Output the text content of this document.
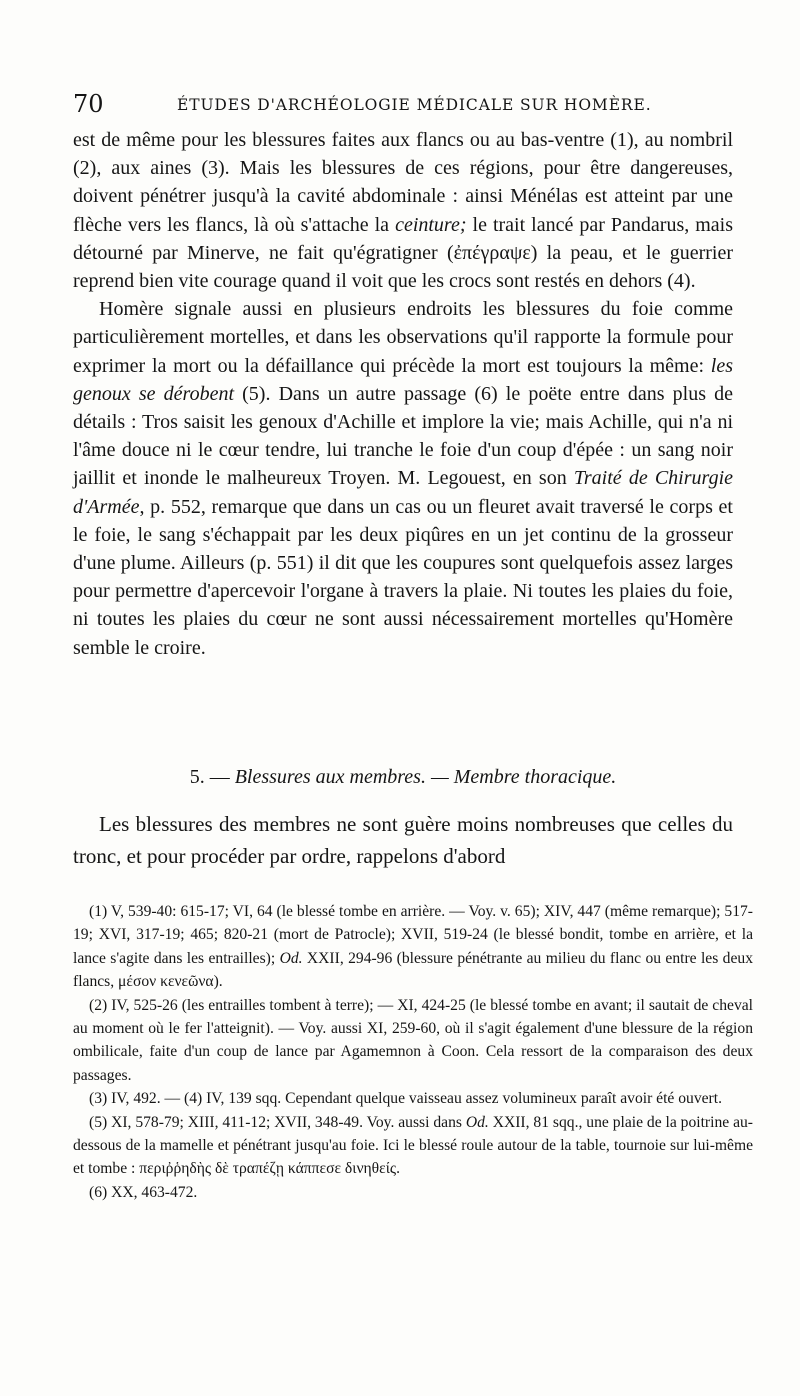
70	ÉTUDES D'ARCHÉOLOGIE MÉDICALE SUR HOMÈRE.

est de même pour les blessures faites aux flancs ou au bas-ventre (1), au nombril (2), aux aines (3). Mais les blessures de ces régions, pour être dangereuses, doivent pénétrer jusqu'à la cavité abdominale : ainsi Ménélas est atteint par une flèche vers les flancs, là où s'attache la ceinture; le trait lancé par Pandarus, mais détourné par Minerve, ne fait qu'égratigner (ἐπέγραψε) la peau, et le guerrier reprend bien vite courage quand il voit que les crocs sont restés en dehors (4).

Homère signale aussi en plusieurs endroits les blessures du foie comme particulièrement mortelles, et dans les observations qu'il rapporte la formule pour exprimer la mort ou la défaillance qui précède la mort est toujours la même: les genoux se dérobent (5). Dans un autre passage (6) le poëte entre dans plus de détails : Tros saisit les genoux d'Achille et implore la vie; mais Achille, qui n'a ni l'âme douce ni le cœur tendre, lui tranche le foie d'un coup d'épée : un sang noir jaillit et inonde le malheureux Troyen. M. Legouest, en son Traité de Chirurgie d'Armée, p. 552, remarque que dans un cas ou un fleuret avait traversé le corps et le foie, le sang s'échappait par les deux piqûres en un jet continu de la grosseur d'une plume. Ailleurs (p. 551) il dit que les coupures sont quelquefois assez larges pour permettre d'apercevoir l'organe à travers la plaie. Ni toutes les plaies du foie, ni toutes les plaies du cœur ne sont aussi nécessairement mortelles qu'Homère semble le croire.

5. — Blessures aux membres. — Membre thoracique.

Les blessures des membres ne sont guère moins nombreuses que celles du tronc, et pour procéder par ordre, rappelons d'abord

(1) V, 539-40: 615-17; VI, 64 (le blessé tombe en arrière. — Voy. v. 65); XIV, 447 (même remarque); 517-19; XVI, 317-19; 465; 820-21 (mort de Patrocle); XVII, 519-24 (le blessé bondit, tombe en arrière, et la lance s'agite dans les entrailles); Od. XXII, 294-96 (blessure pénétrante au milieu du flanc ou entre les deux flancs, μέσον κενεῶνα).

(2) IV, 525-26 (les entrailles tombent à terre); — XI, 424-25 (le blessé tombe en avant; il sautait de cheval au moment où le fer l'atteignit). — Voy. aussi XI, 259-60, où il s'agit également d'une blessure de la région ombilicale, faite d'un coup de lance par Agamemnon à Coon. Cela ressort de la comparaison des deux passages.

(3) IV, 492. — (4) IV, 139 sqq. Cependant quelque vaisseau assez volumineux paraît avoir été ouvert.

(5) XI, 578-79; XIII, 411-12; XVII, 348-49. Voy. aussi dans Od. XXII, 81 sqq., une plaie de la poitrine au-dessous de la mamelle et pénétrant jusqu'au foie. Ici le blessé roule autour de la table, tournoie sur lui-même et tombe : περιῤῥηδὴς δὲ τραπέζῃ κάππεσε δινηθείς.

(6) XX, 463-472.
